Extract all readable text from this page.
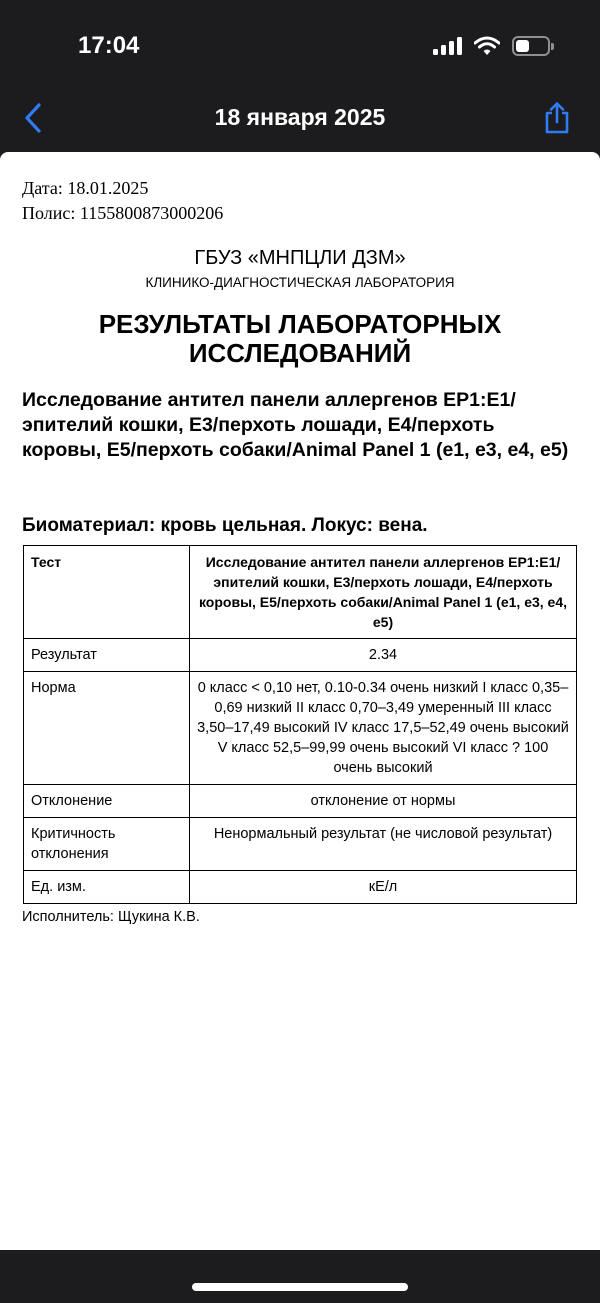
17:04
18 января 2025
Дата: 18.01.2025
Полис: 1155800873000206
ГБУЗ «МНПЦЛИ ДЗМ»
КЛИНИКО-ДИАГНОСТИЧЕСКАЯ ЛАБОРАТОРИЯ
РЕЗУЛЬТАТЫ ЛАБОРАТОРНЫХ ИССЛЕДОВАНИЙ
Исследование антител панели аллергенов EP1:E1/эпителий кошки, E3/перхоть лошади, E4/перхоть коровы, E5/перхоть собаки/Animal Panel 1 (e1, e3, e4, e5)
Биоматериал: кровь цельная. Локус: вена.
Тест	Исследование антител панели аллергенов EP1:E1/эпителий кошки, E3/перхоть лошади, E4/перхоть коровы, E5/перхоть собаки/Animal Panel 1 (e1, e3, e4, e5)
Результат	2.34
Норма	0 класс < 0,10 нет, 0.10-0.34 очень низкий I класс 0,35–0,69 низкий II класс 0,70–3,49 умеренный III класс 3,50–17,49 высокий IV класс 17,5–52,49 очень высокий V класс 52,5–99,99 очень высокий VI класс ? 100 очень высокий
Отклонение	отклонение от нормы
Критичность отклонения	Ненормальный результат (не числовой результат)
Ед. изм.	кЕ/л
Исполнитель: Щукина К.В.
